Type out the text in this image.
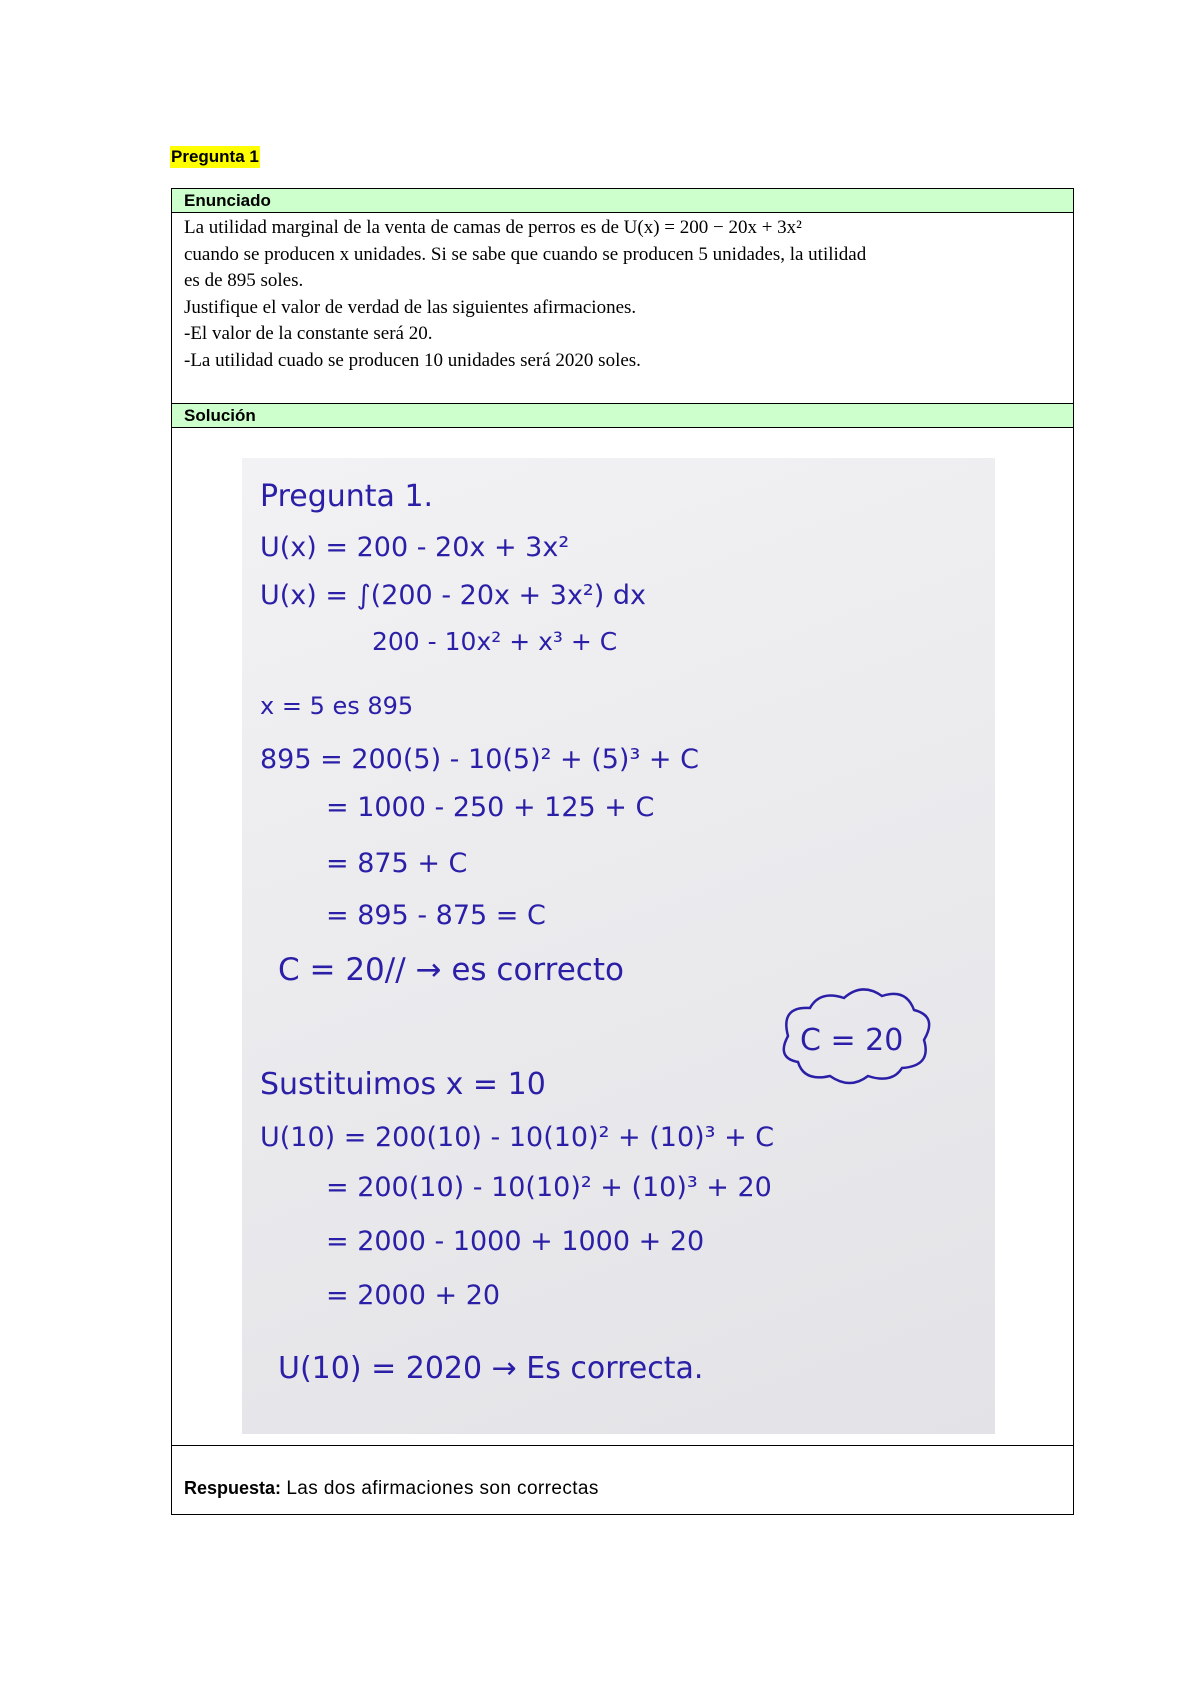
Pregunta 1
Enunciado

La utilidad marginal de la venta de camas de perros es de U(x) = 200 − 20x + 3x²
cuando se producen x unidades. Si se sabe que cuando se producen 5 unidades, la utilidad
es de 895 soles.
Justifique el valor de verdad de las siguientes afirmaciones.
-El valor de la constante será 20.
-La utilidad cuado se producen 10 unidades será 2020 soles.

Solución

Pregunta 1.
U(x) = 200 - 20x + 3x²
U(x) = ∫(200 - 20x + 3x²) dx
200 - 10x² + x³ + C
x = 5 es 895
895 = 200(5) - 10(5)² + (5)³ + C
= 1000 - 250 + 125 + C
= 875 + C
= 895 - 875 = C
C = 20// → es correcto
C = 20
Sustituimos x = 10
U(10) = 200(10) - 10(10)² + (10)³ + C
= 200(10) - 10(10)² + (10)³ + 20
= 2000 - 1000 + 1000 + 20
= 2000 + 20
U(10) = 2020 → Es correcta.

Respuesta: Las dos afirmaciones son correctas
